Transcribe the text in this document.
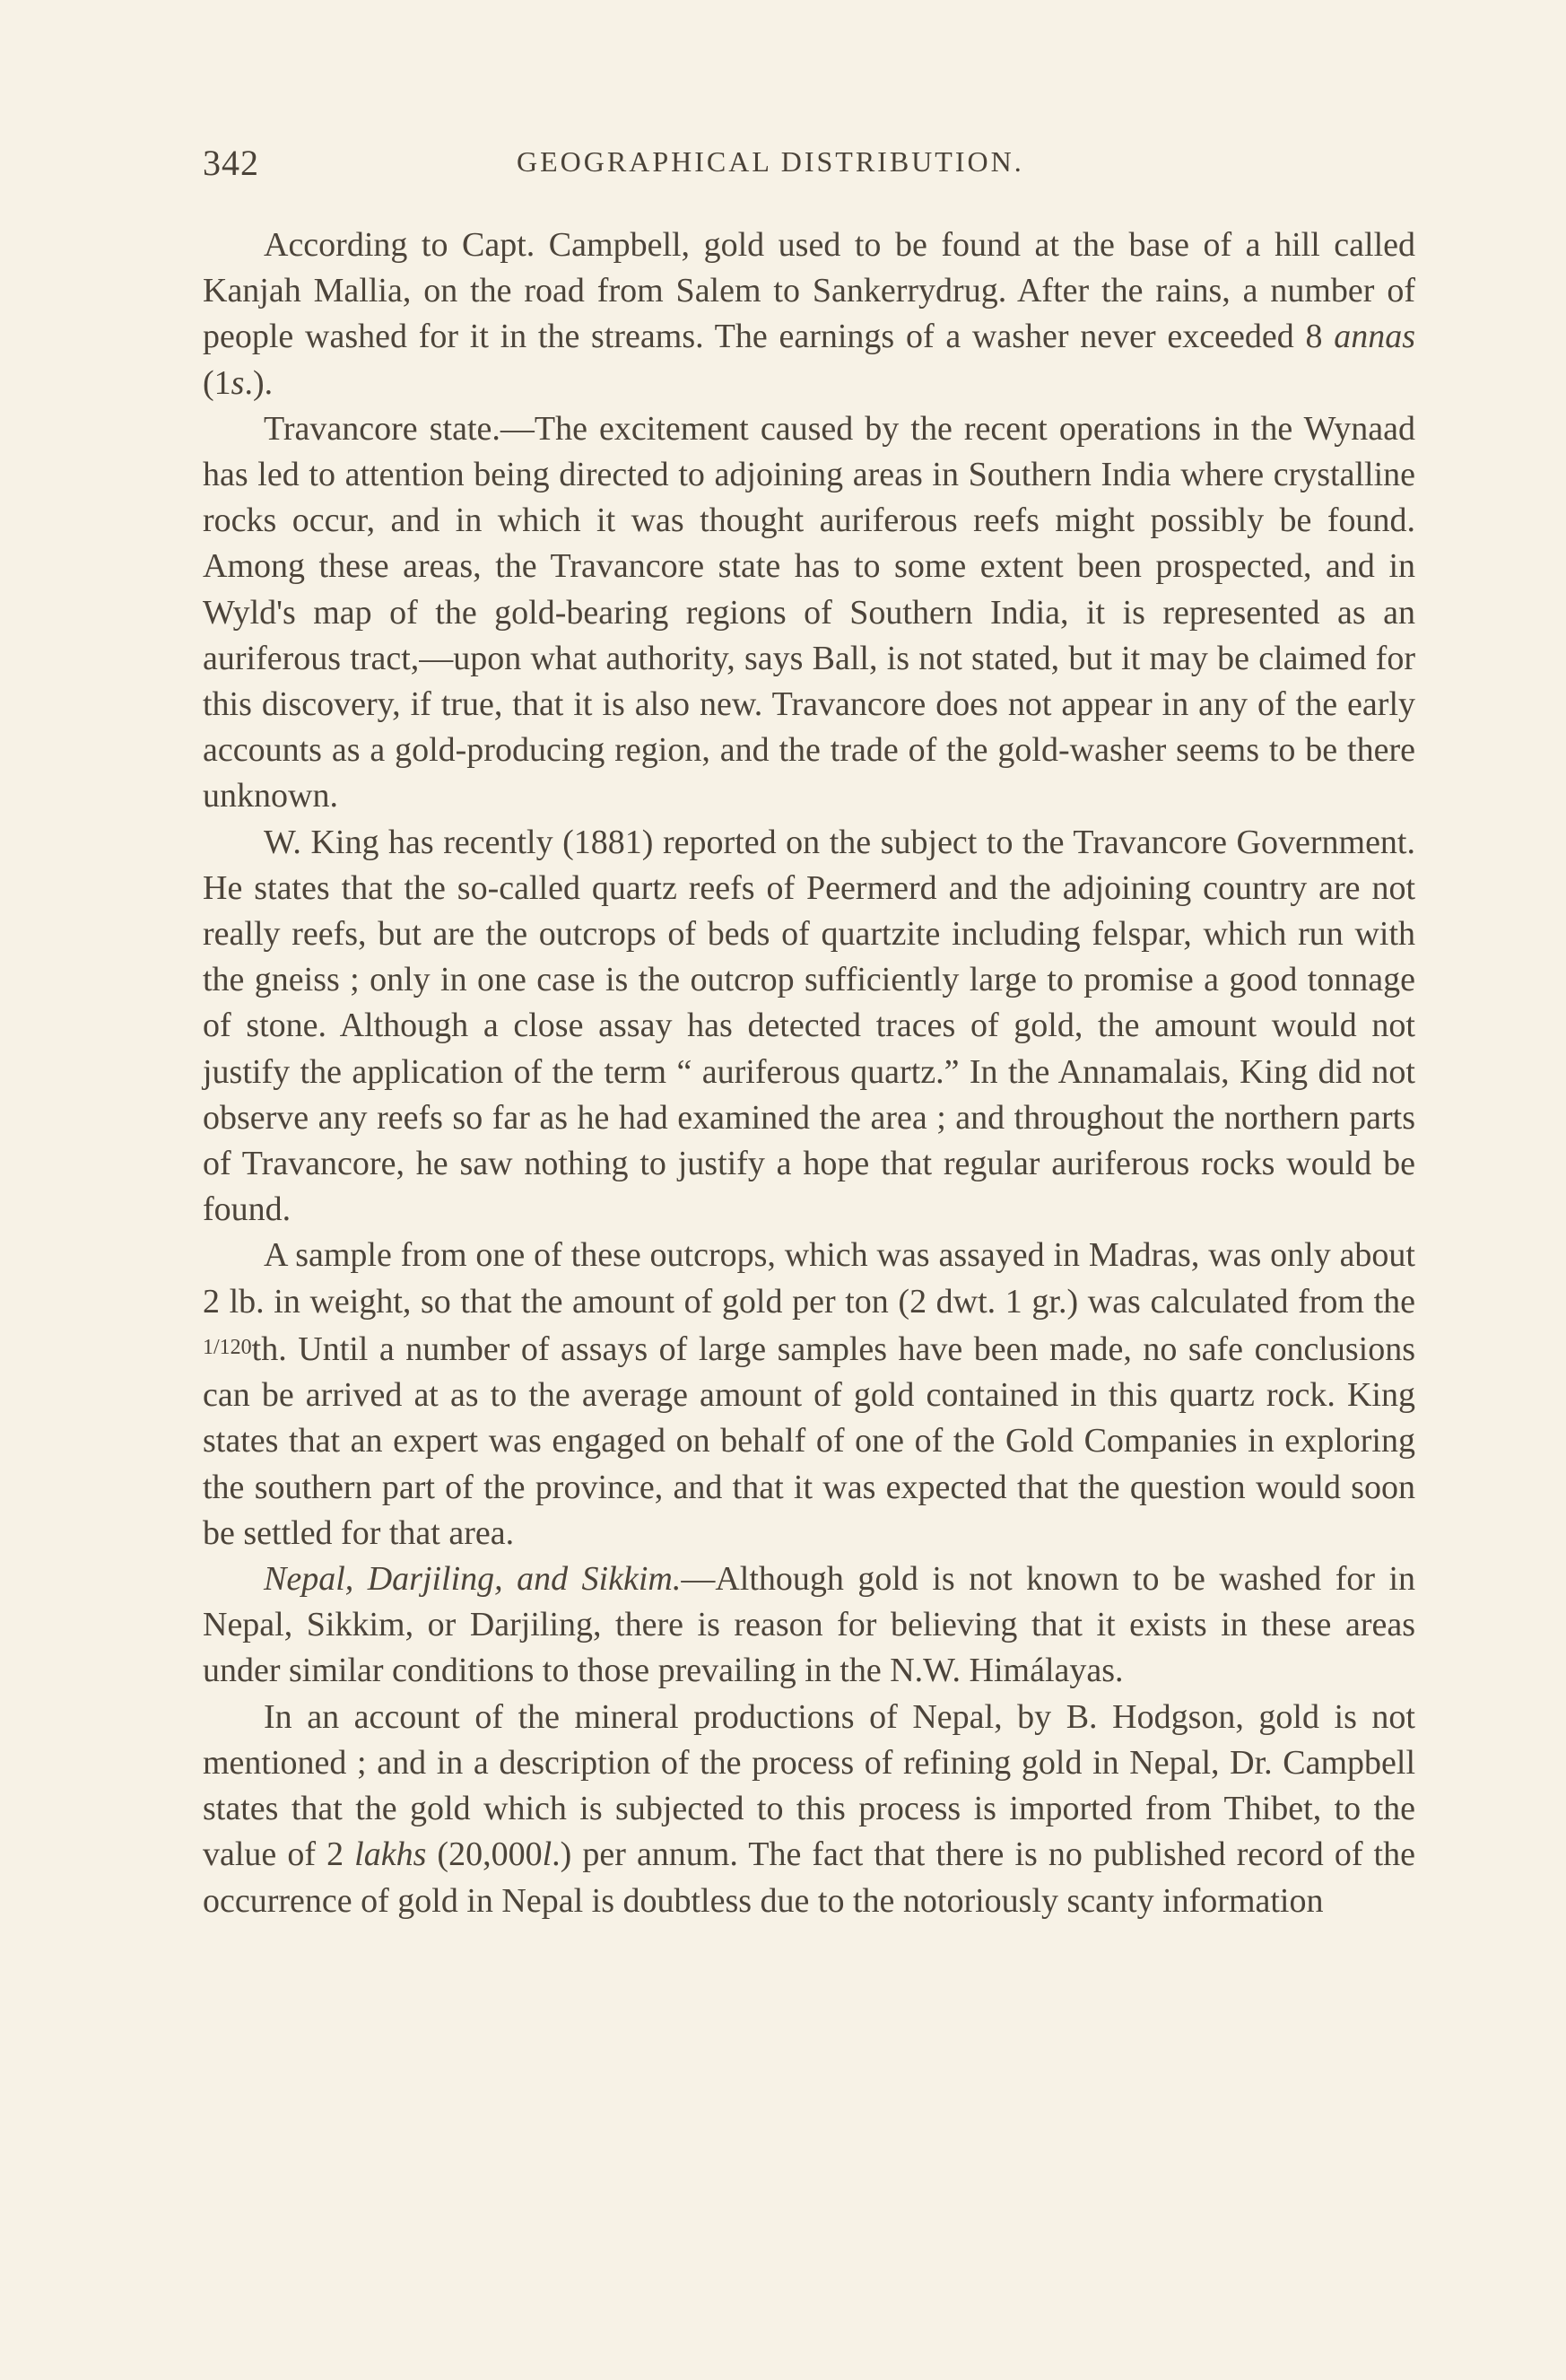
342	GEOGRAPHICAL DISTRIBUTION.

According to Capt. Campbell, gold used to be found at the base of a hill called Kanjah Mallia, on the road from Salem to Sankerrydrug. After the rains, a number of people washed for it in the streams. The earnings of a washer never exceeded 8 annas (1s.).

Travancore state.—The excitement caused by the recent operations in the Wynaad has led to attention being directed to adjoining areas in Southern India where crystalline rocks occur, and in which it was thought auriferous reefs might possibly be found. Among these areas, the Travancore state has to some extent been prospected, and in Wyld's map of the gold-bearing regions of Southern India, it is represented as an auriferous tract,—upon what authority, says Ball, is not stated, but it may be claimed for this discovery, if true, that it is also new. Travancore does not appear in any of the early accounts as a gold-producing region, and the trade of the gold-washer seems to be there unknown.

W. King has recently (1881) reported on the subject to the Travancore Government. He states that the so-called quartz reefs of Peermerd and the adjoining country are not really reefs, but are the outcrops of beds of quartzite including felspar, which run with the gneiss ; only in one case is the outcrop sufficiently large to promise a good tonnage of stone. Although a close assay has detected traces of gold, the amount would not justify the application of the term “ auriferous quartz.” In the Annamalais, King did not observe any reefs so far as he had examined the area ; and throughout the northern parts of Travancore, he saw nothing to justify a hope that regular auriferous rocks would be found.

A sample from one of these outcrops, which was assayed in Madras, was only about 2 lb. in weight, so that the amount of gold per ton (2 dwt. 1 gr.) was calculated from the 1/120th. Until a number of assays of large samples have been made, no safe conclusions can be arrived at as to the average amount of gold contained in this quartz rock. King states that an expert was engaged on behalf of one of the Gold Companies in exploring the southern part of the province, and that it was expected that the question would soon be settled for that area.

Nepal, Darjiling, and Sikkim.—Although gold is not known to be washed for in Nepal, Sikkim, or Darjiling, there is reason for believing that it exists in these areas under similar conditions to those prevailing in the N.W. Himálayas.

In an account of the mineral productions of Nepal, by B. Hodgson, gold is not mentioned ; and in a description of the process of refining gold in Nepal, Dr. Campbell states that the gold which is subjected to this process is imported from Thibet, to the value of 2 lakhs (20,000l.) per annum. The fact that there is no published record of the occurrence of gold in Nepal is doubtless due to the notoriously scanty information
